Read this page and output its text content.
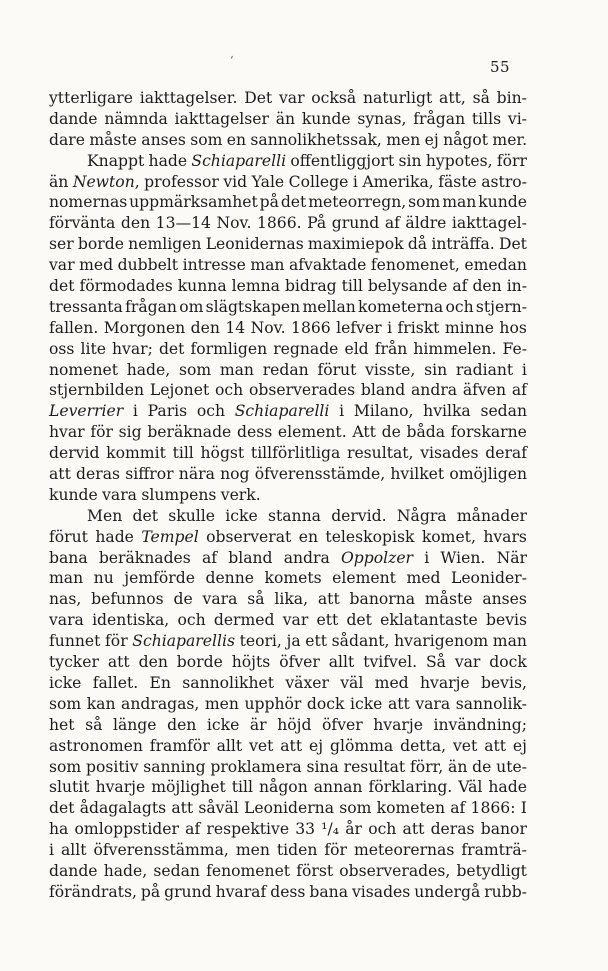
‘	55
ytterligare iakttagelser. Det var också naturligt att, så bin-
dande nämnda iakttagelser än kunde synas, frågan tills vi-
dare måste anses som en sannolikhetssak, men ej något mer.
Knappt hade Schiaparelli offentliggjort sin hypotes, förr
än Newton, professor vid Yale College i Amerika, fäste astro-
nomernas uppmärksamhet på det meteorregn, som man kunde
förvänta den 13—14 Nov. 1866. På grund af äldre iakttagel-
ser borde nemligen Leonidernas maximiepok då inträffa. Det
var med dubbelt intresse man afvaktade fenomenet, emedan
det förmodades kunna lemna bidrag till belysande af den in-
tressanta frågan om slägtskapen mellan kometerna och stjern-
fallen. Morgonen den 14 Nov. 1866 lefver i friskt minne hos
oss lite hvar; det formligen regnade eld från himmelen. Fe-
nomenet hade, som man redan förut visste, sin radiant i
stjernbilden Lejonet och observerades bland andra äfven af
Leverrier i Paris och Schiaparelli i Milano, hvilka sedan
hvar för sig beräknade dess element. Att de båda forskarne
dervid kommit till högst tillförlitliga resultat, visades deraf
att deras siffror nära nog öfverensstämde, hvilket omöjligen
kunde vara slumpens verk.
Men det skulle icke stanna dervid. Några månader
förut hade Tempel observerat en teleskopisk komet, hvars
bana beräknades af bland andra Oppolzer i Wien. När
man nu jemförde denne komets element med Leonider-
nas, befunnos de vara så lika, att banorna måste anses
vara identiska, och dermed var ett det eklatantaste bevis
funnet för Schiaparellis teori, ja ett sådant, hvarigenom man
tycker att den borde höjts öfver allt tvifvel. Så var dock
icke fallet. En sannolikhet växer väl med hvarje bevis,
som kan andragas, men upphör dock icke att vara sannolik-
het så länge den icke är höjd öfver hvarje invändning;
astronomen framför allt vet att ej glömma detta, vet att ej
som positiv sanning proklamera sina resultat förr, än de ute-
slutit hvarje möjlighet till någon annan förklaring. Väl hade
det ådagalagts att såväl Leoniderna som kometen af 1866: I
ha omloppstider af respektive 33 ¹/₄ år och att deras banor
i allt öfverensstämma, men tiden för meteorernas framträ-
dande hade, sedan fenomenet först observerades, betydligt
förändrats, på grund hvaraf dess bana visades undergå rubb-
